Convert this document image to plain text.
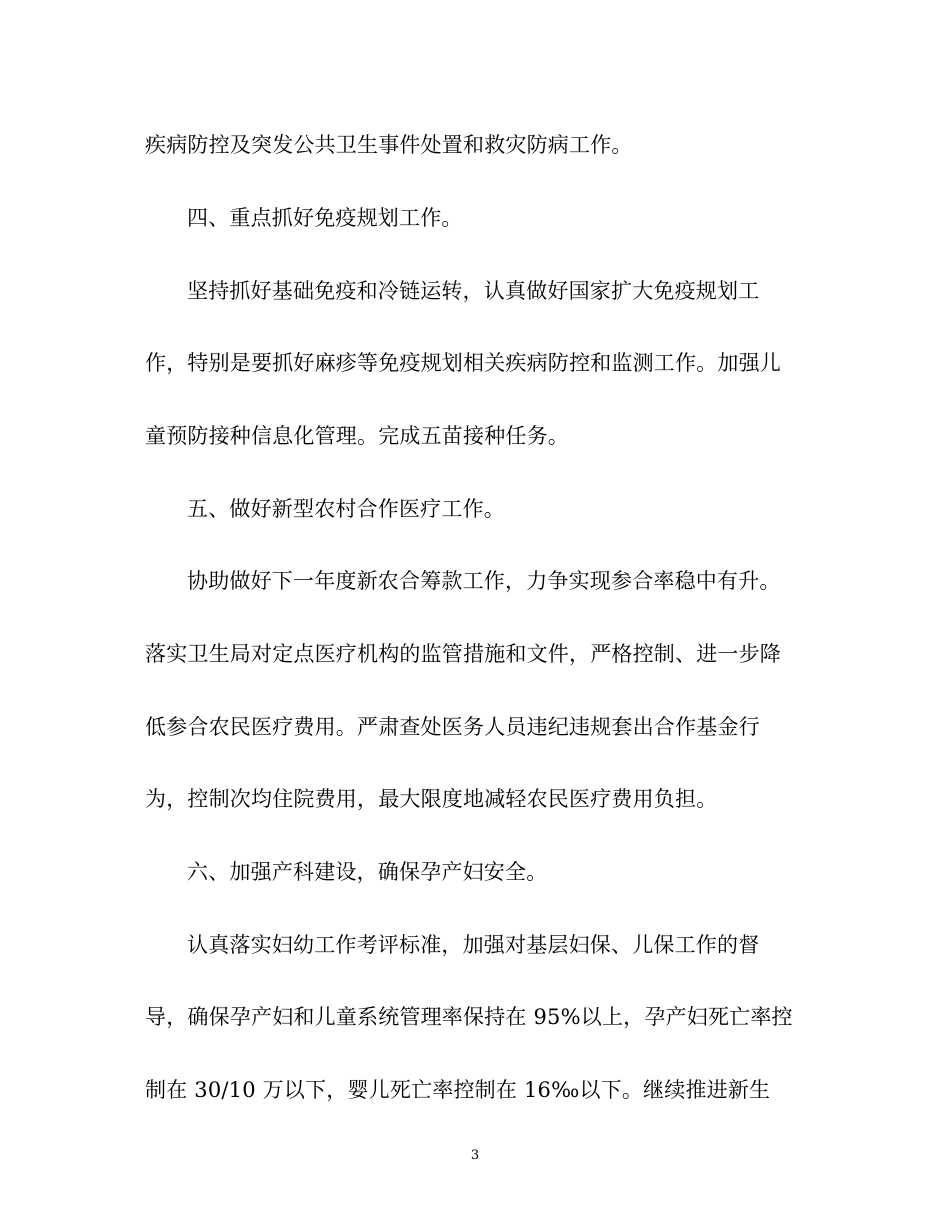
疾病防控及突发公共卫生事件处置和救灾防病工作。
四、重点抓好免疫规划工作。
坚持抓好基础免疫和冷链运转，认真做好国家扩大免疫规划工
作，特别是要抓好麻疹等免疫规划相关疾病防控和监测工作。加强儿
童预防接种信息化管理。完成五苗接种任务。
五、做好新型农村合作医疗工作。
协助做好下一年度新农合筹款工作，力争实现参合率稳中有升。
落实卫生局对定点医疗机构的监管措施和文件，严格控制、进一步降
低参合农民医疗费用。严肃查处医务人员违纪违规套出合作基金行
为，控制次均住院费用，最大限度地减轻农民医疗费用负担。
六、加强产科建设，确保孕产妇安全。
认真落实妇幼工作考评标准，加强对基层妇保、儿保工作的督
导，确保孕产妇和儿童系统管理率保持在 95%以上，孕产妇死亡率控
制在 30/10 万以下，婴儿死亡率控制在 16‰以下。继续推进新生
3
